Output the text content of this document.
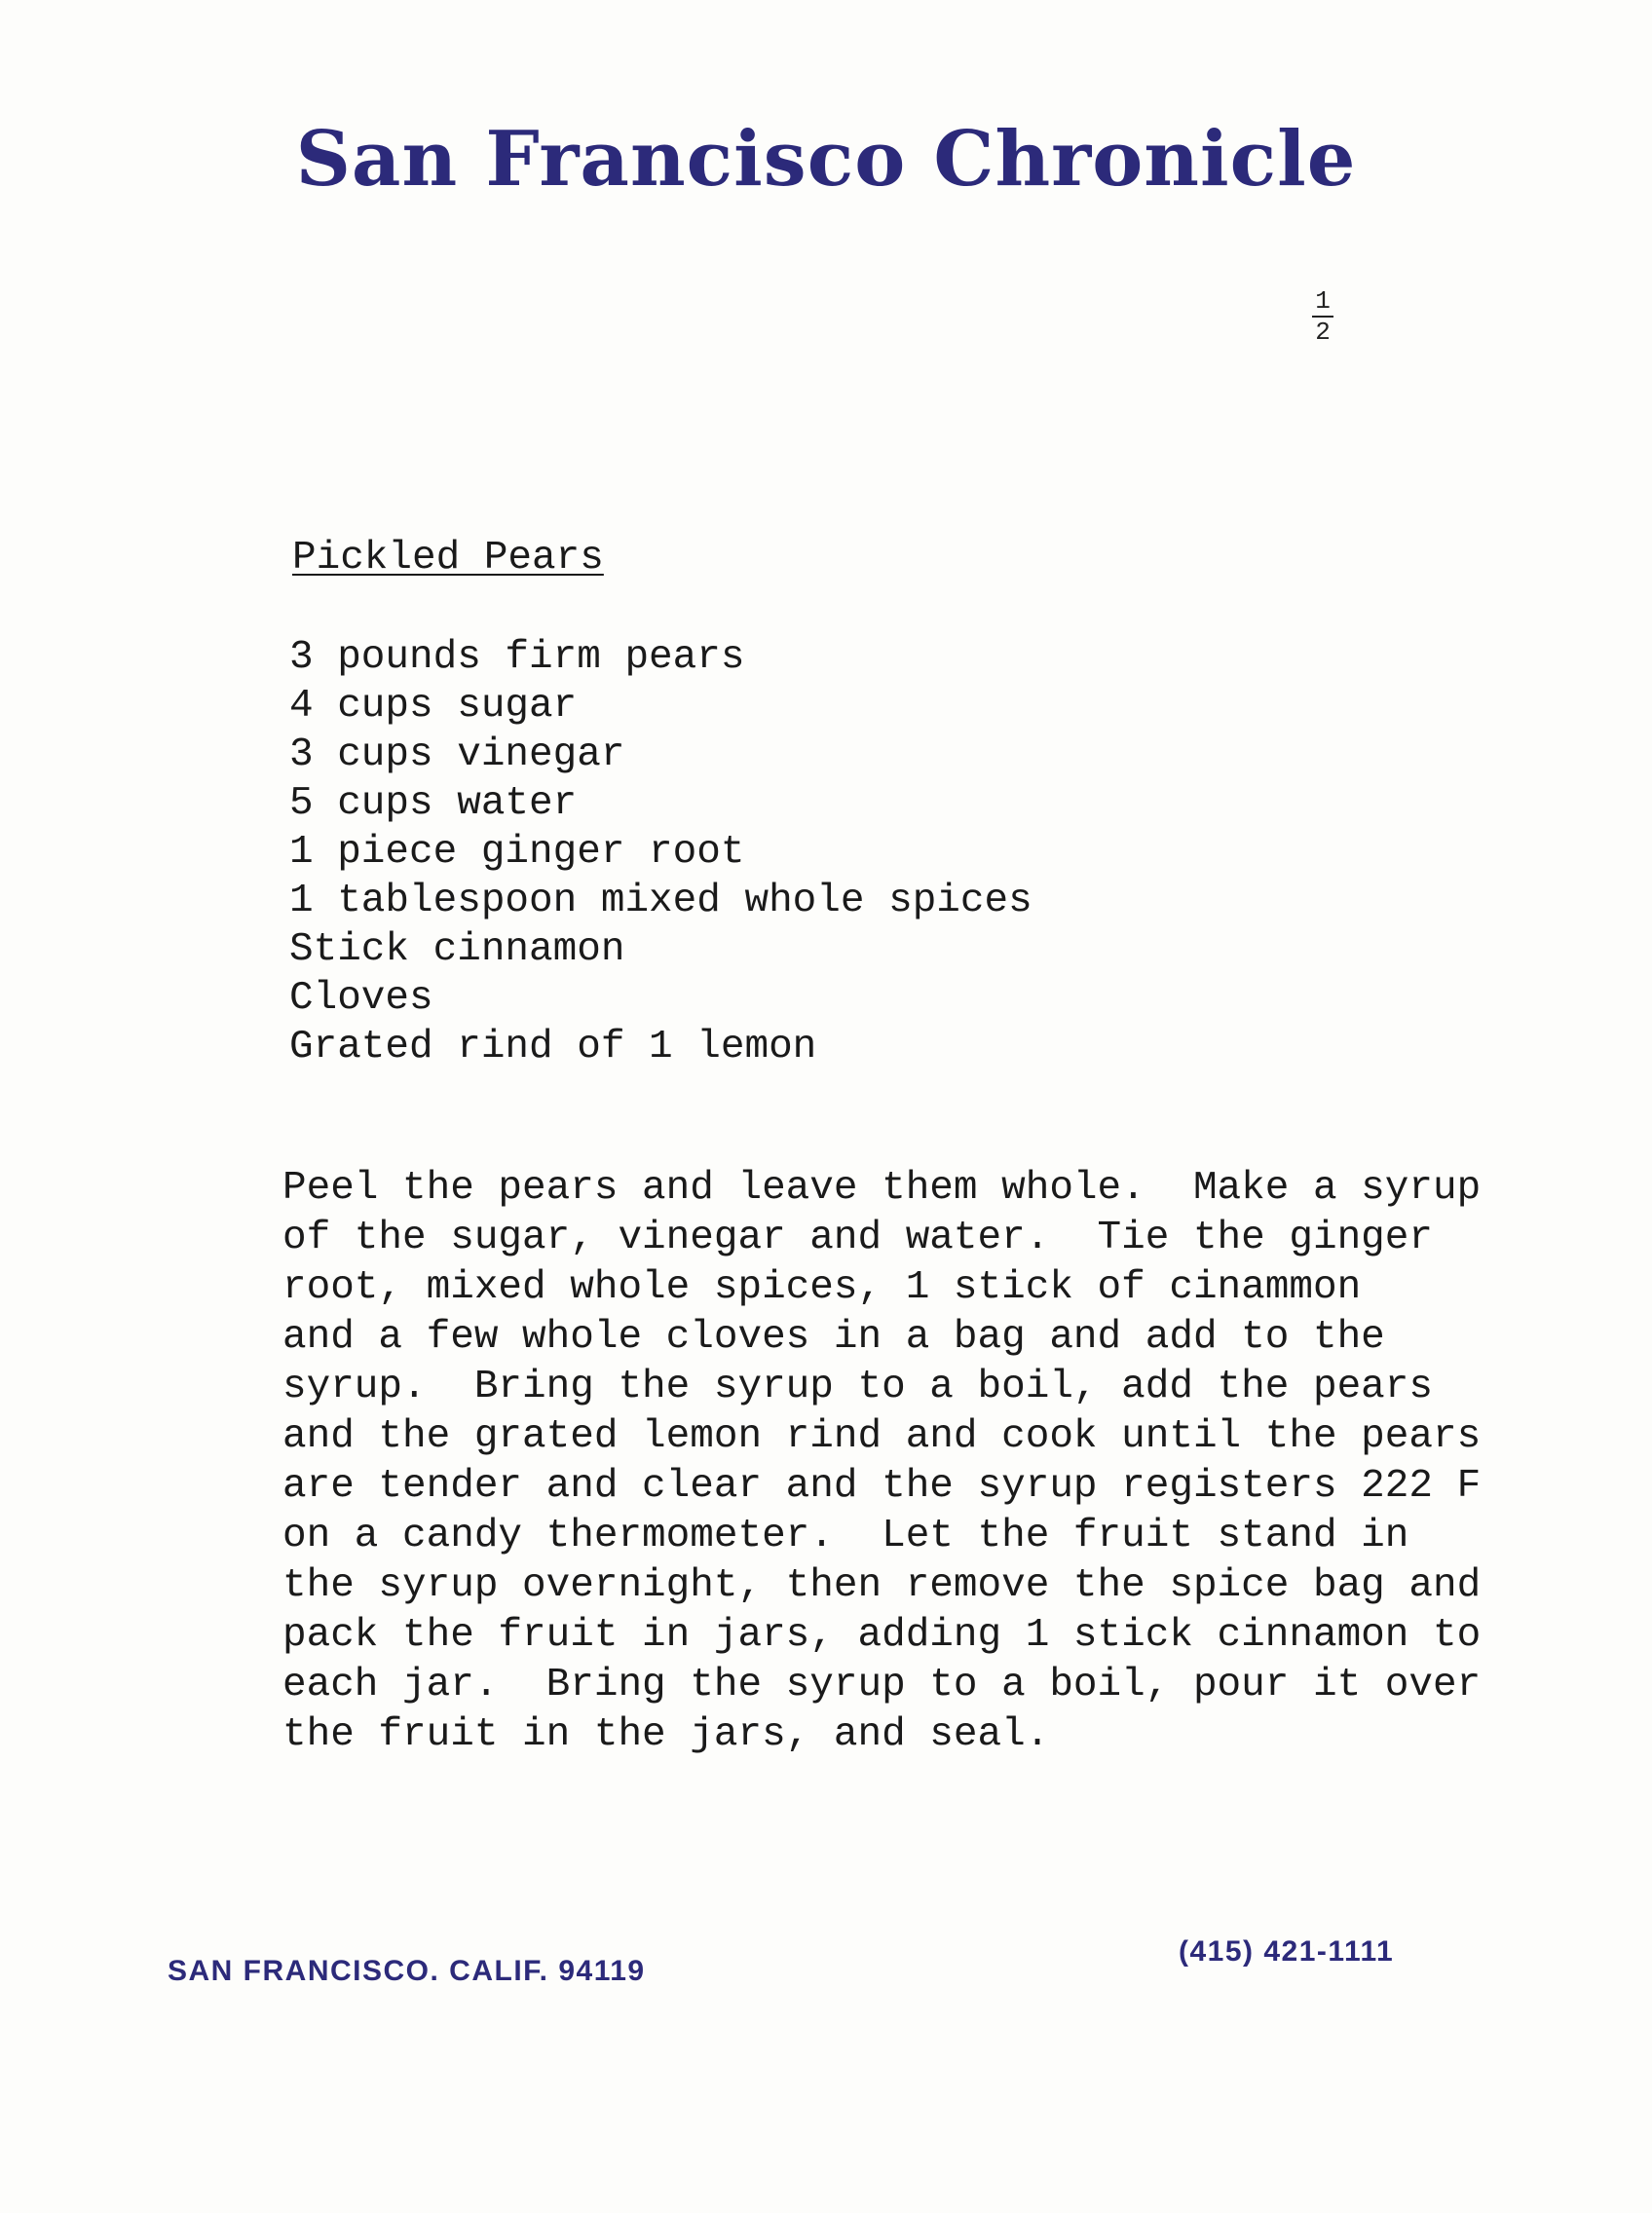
San Francisco Chronicle
1
2
Pickled Pears
3 pounds firm pears
4 cups sugar
3 cups vinegar
5 cups water
1 piece ginger root
1 tablespoon mixed whole spices
Stick cinnamon
Cloves
Grated rind of 1 lemon
Peel the pears and leave them whole.  Make a syrup
of the sugar, vinegar and water.  Tie the ginger
root, mixed whole spices, 1 stick of cinammon
and a few whole cloves in a bag and add to the
syrup.  Bring the syrup to a boil, add the pears
and the grated lemon rind and cook until the pears
are tender and clear and the syrup registers 222 F
on a candy thermometer.  Let the fruit stand in
the syrup overnight, then remove the spice bag and
pack the fruit in jars, adding 1 stick cinnamon to
each jar.  Bring the syrup to a boil, pour it over
the fruit in the jars, and seal.
SAN FRANCISCO. CALIF. 94119
(415) 421-1111
